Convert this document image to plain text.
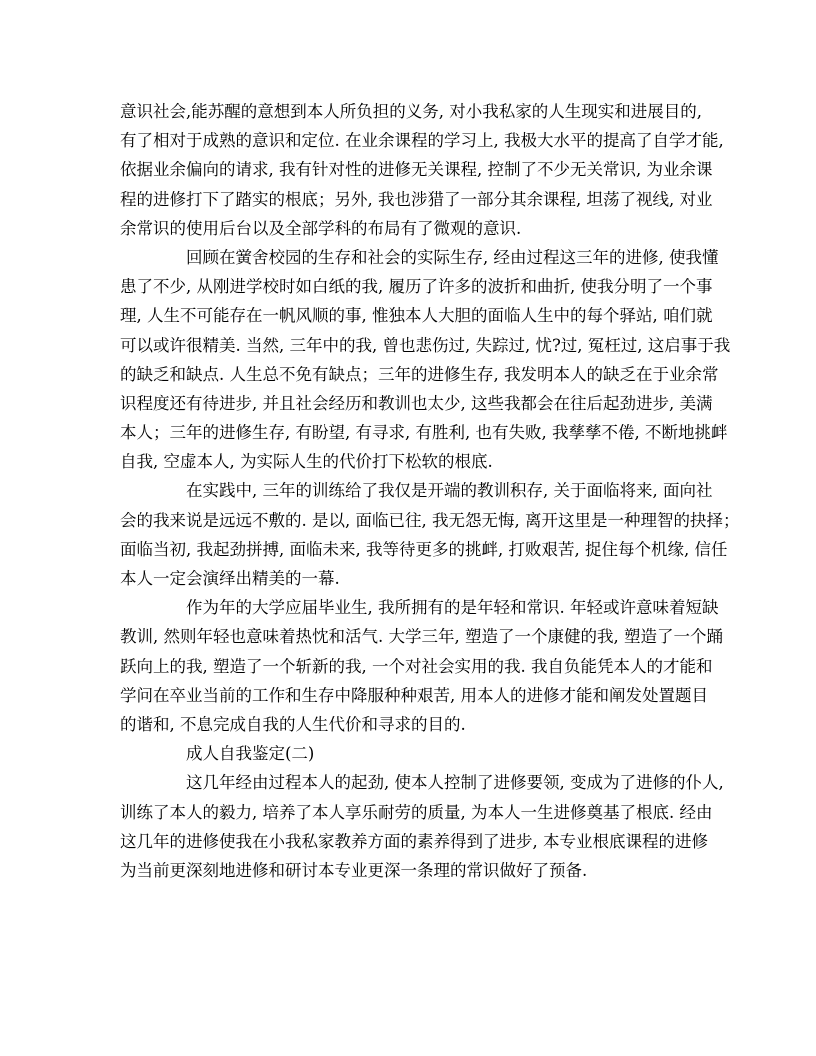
意识社会,能苏醒的意想到本人所负担的义务, 对小我私家的人生现实和进展目的,
有了相对于成熟的意识和定位. 在业余课程的学习上, 我极大水平的提高了自学才能,
依据业余偏向的请求, 我有针对性的进修无关课程, 控制了不少无关常识, 为业余课
程的进修打下了踏实的根底；另外, 我也涉猎了一部分其余课程, 坦荡了视线, 对业
余常识的使用后台以及全部学科的布局有了微观的意识.
回顾在黉舍校园的生存和社会的实际生存, 经由过程这三年的进修, 使我懂
患了不少, 从刚进学校时如白纸的我, 履历了许多的波折和曲折, 使我分明了一个事
理, 人生不可能存在一帆风顺的事, 惟独本人大胆的面临人生中的每个驿站, 咱们就
可以或许很精美. 当然, 三年中的我, 曾也悲伤过, 失踪过, 忧?过, 冤枉过, 这启事于我
的缺乏和缺点. 人生总不免有缺点；三年的进修生存, 我发明本人的缺乏在于业余常
识程度还有待进步, 并且社会经历和教训也太少, 这些我都会在往后起劲进步, 美满
本人；三年的进修生存, 有盼望, 有寻求, 有胜利, 也有失败, 我孳孳不倦, 不断地挑衅
自我, 空虚本人, 为实际人生的代价打下松软的根底.
在实践中, 三年的训练给了我仅是开端的教训积存, 关于面临将来, 面向社
会的我来说是远远不敷的. 是以, 面临已往, 我无怨无悔, 离开这里是一种理智的抉择；
面临当初, 我起劲拼搏, 面临未来, 我等待更多的挑衅, 打败艰苦, 捉住每个机缘, 信任
本人一定会演绎出精美的一幕.
作为年的大学应届毕业生, 我所拥有的是年轻和常识. 年轻或许意味着短缺
教训, 然则年轻也意味着热忱和活气. 大学三年, 塑造了一个康健的我, 塑造了一个踊
跃向上的我, 塑造了一个斩新的我, 一个对社会实用的我. 我自负能凭本人的才能和
学问在卒业当前的工作和生存中降服种种艰苦, 用本人的进修才能和阐发处置题目
的谐和, 不息完成自我的人生代价和寻求的目的.
成人自我鉴定(二)
这几年经由过程本人的起劲, 使本人控制了进修要领, 变成为了进修的仆人,
训练了本人的毅力, 培养了本人享乐耐劳的质量, 为本人一生进修奠基了根底. 经由
这几年的进修使我在小我私家教养方面的素养得到了进步, 本专业根底课程的进修
为当前更深刻地进修和研讨本专业更深一条理的常识做好了预备.
